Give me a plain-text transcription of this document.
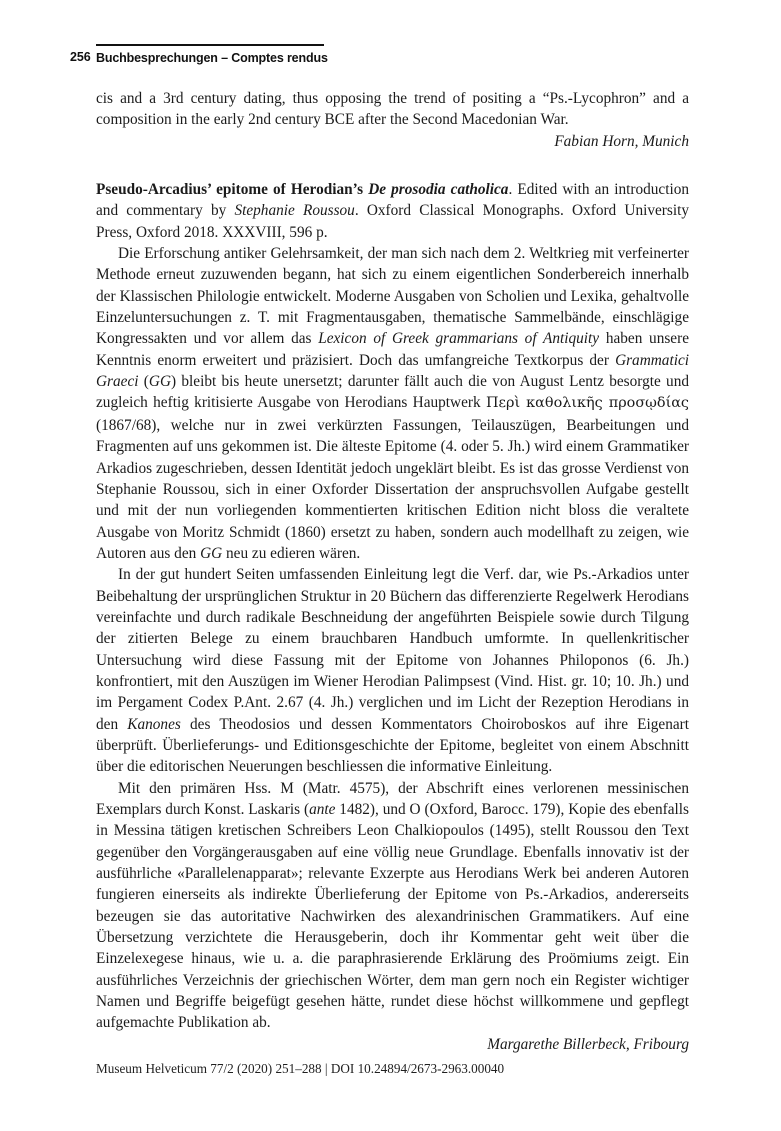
256 Buchbesprechungen – Comptes rendus

cis and a 3rd century dating, thus opposing the trend of positing a “Ps.-Lycophron” and a composition in the early 2nd century BCE after the Second Macedonian War.

Fabian Horn, Munich

Pseudo-Arcadius’ epitome of Herodian’s De prosodia catholica. Edited with an introduction and commentary by Stephanie Roussou. Oxford Classical Monographs. Oxford University Press, Oxford 2018. XXXVIII, 596 p.

Die Erforschung antiker Gelehrsamkeit, der man sich nach dem 2. Weltkrieg mit verfeinerter Methode erneut zuzuwenden begann, hat sich zu einem eigentlichen Sonderbereich innerhalb der Klassischen Philologie entwickelt. Moderne Ausgaben von Scholien und Lexika, gehaltvolle Einzeluntersuchungen z. T. mit Fragmentausgaben, thematische Sammelbände, einschlägige Kongressakten und vor allem das Lexicon of Greek grammarians of Antiquity haben unsere Kenntnis enorm erweitert und präzisiert. Doch das umfangreiche Textkorpus der Grammatici Graeci (GG) bleibt bis heute unersetzt; darunter fällt auch die von August Lentz besorgte und zugleich heftig kritisierte Ausgabe von Herodians Hauptwerk Περὶ καθολικῆς προσῳδίας (1867/68), welche nur in zwei verkürzten Fassungen, Teilauszügen, Bearbeitungen und Fragmenten auf uns gekommen ist. Die älteste Epitome (4. oder 5. Jh.) wird einem Grammatiker Arkadios zugeschrieben, dessen Identität jedoch ungeklärt bleibt. Es ist das grosse Verdienst von Stephanie Roussou, sich in einer Oxforder Dissertation der anspruchsvollen Aufgabe gestellt und mit der nun vorliegenden kommentierten kritischen Edition nicht bloss die veraltete Ausgabe von Moritz Schmidt (1860) ersetzt zu haben, sondern auch modellhaft zu zeigen, wie Autoren aus den GG neu zu edieren wären.

In der gut hundert Seiten umfassenden Einleitung legt die Verf. dar, wie Ps.-Arkadios unter Beibehaltung der ursprünglichen Struktur in 20 Büchern das differenzierte Regelwerk Herodians vereinfachte und durch radikale Beschneidung der angeführten Beispiele sowie durch Tilgung der zitierten Belege zu einem brauchbaren Handbuch umformte. In quellenkritischer Untersuchung wird diese Fassung mit der Epitome von Johannes Philoponos (6. Jh.) konfrontiert, mit den Auszügen im Wiener Herodian Palimpsest (Vind. Hist. gr. 10; 10. Jh.) und im Pergament Codex P.Ant. 2.67 (4. Jh.) verglichen und im Licht der Rezeption Herodians in den Kanones des Theodosios und dessen Kommentators Choiroboskos auf ihre Eigenart überprüft. Überlieferungs- und Editionsgeschichte der Epitome, begleitet von einem Abschnitt über die editorischen Neuerungen beschliessen die informative Einleitung.

Mit den primären Hss. M (Matr. 4575), der Abschrift eines verlorenen messinischen Exemplars durch Konst. Laskaris (ante 1482), und O (Oxford, Barocc. 179), Kopie des ebenfalls in Messina tätigen kretischen Schreibers Leon Chalkiopoulos (1495), stellt Roussou den Text gegenüber den Vorgängerausgaben auf eine völlig neue Grundlage. Ebenfalls innovativ ist der ausführliche «Parallelenapparat»; relevante Exzerpte aus Herodians Werk bei anderen Autoren fungieren einerseits als indirekte Überlieferung der Epitome von Ps.-Arkadios, andererseits bezeugen sie das autoritative Nachwirken des alexandrinischen Grammatikers. Auf eine Übersetzung verzichtete die Herausgeberin, doch ihr Kommentar geht weit über die Einzelexegese hinaus, wie u. a. die paraphrasierende Erklärung des Proömiums zeigt. Ein ausführliches Verzeichnis der griechischen Wörter, dem man gern noch ein Register wichtiger Namen und Begriffe beigefügt gesehen hätte, rundet diese höchst willkommene und gepflegt aufgemachte Publikation ab.

Margarethe Billerbeck, Fribourg
Museum Helveticum 77/2 (2020) 251–288 | DOI 10.24894/2673-2963.00040
